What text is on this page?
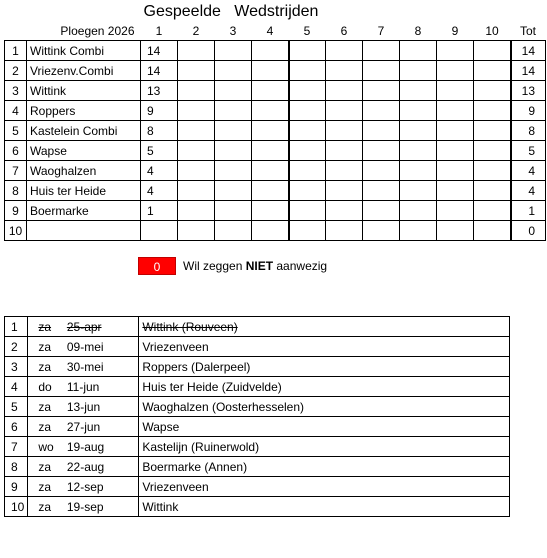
Gespeelde   Wedstrijden
	Ploegen 2026	1	2	3	4	5	6	7	8	9	10	Tot
1	Wittink Combi	14										14
2	Vriezenv.Combi	14										14
3	Wittink	13										13
4	Roppers	9										9
5	Kastelein Combi	8										8
6	Wapse	5										5
7	Waoghalzen	4										4
8	Huis ter Heide	4										4
9	Boermarke	1										1
10												0
0	Wil zeggen NIET aanwezig
1	za	25-apr	Wittink (Rouveen)
2	za	09-mei	Vriezenveen
3	za	30-mei	Roppers (Dalerpeel)
4	do	11-jun	Huis ter Heide (Zuidvelde)
5	za	13-jun	Waoghalzen (Oosterhesselen)
6	za	27-jun	Wapse
7	wo	19-aug	Kastelijn (Ruinerwold)
8	za	22-aug	Boermarke (Annen)
9	za	12-sep	Vriezenveen
10	za	19-sep	Wittink
